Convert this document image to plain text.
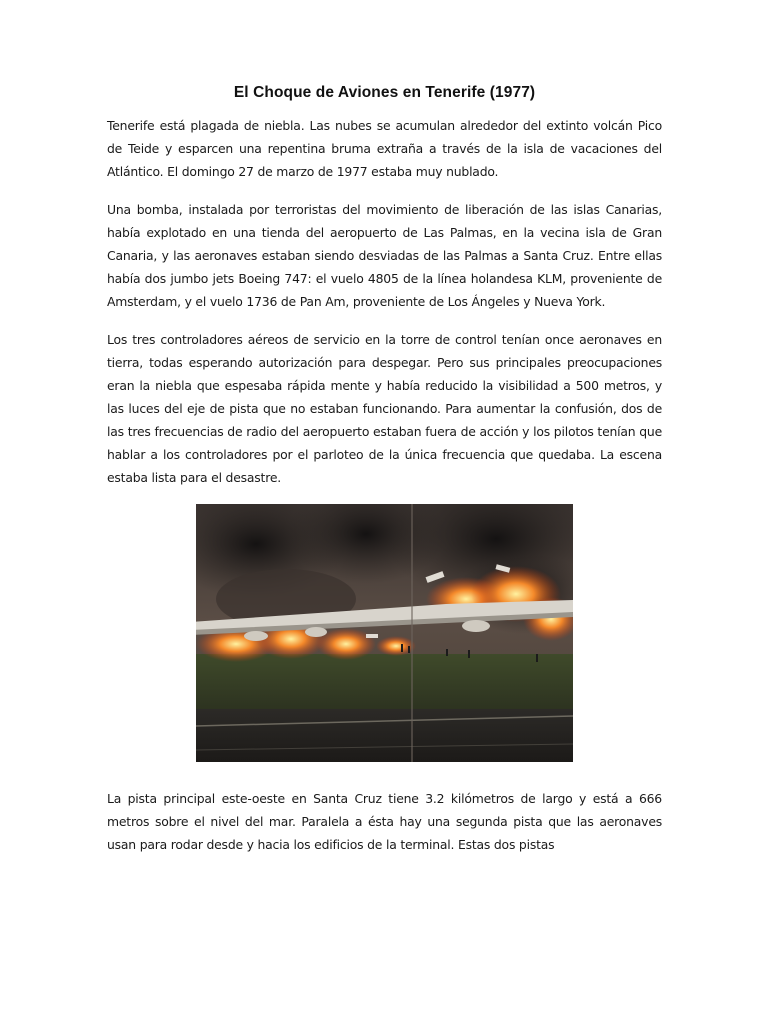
El Choque de Aviones en Tenerife (1977)

Tenerife está plagada de niebla. Las nubes se acumulan alrededor del extinto volcán Pico de Teide y esparcen una repentina bruma extraña a través de la isla de vacaciones del Atlántico. El domingo 27 de marzo de 1977 estaba muy nublado.

Una bomba, instalada por terroristas del movimiento de liberación de las islas Canarias, había explotado en una tienda del aeropuerto de Las Palmas, en la vecina isla de Gran Canaria, y las aeronaves estaban siendo desviadas de las Palmas a Santa Cruz. Entre ellas había dos jumbo jets Boeing 747: el vuelo 4805 de la línea holandesa KLM, proveniente de Amsterdam, y el vuelo 1736 de Pan Am, proveniente de Los Ángeles y Nueva York.

Los tres controladores aéreos de servicio en la torre de control tenían once aeronaves en tierra, todas esperando autorización para despegar. Pero sus principales preocupaciones eran la niebla que espesaba rápida mente y había reducido la visibilidad a 500 metros, y las luces del eje de pista que no estaban funcionando. Para aumentar la confusión, dos de las tres frecuencias de radio del aeropuerto estaban fuera de acción y los pilotos tenían que hablar a los controladores por el parloteo de la única frecuencia que quedaba. La escena estaba lista para el desastre.

La pista principal este-oeste en Santa Cruz tiene 3.2 kilómetros de largo y está a 666 metros sobre el nivel del mar. Paralela a ésta hay una segunda pista que las aeronaves usan para rodar desde y hacia los edificios de la terminal. Estas dos pistas
